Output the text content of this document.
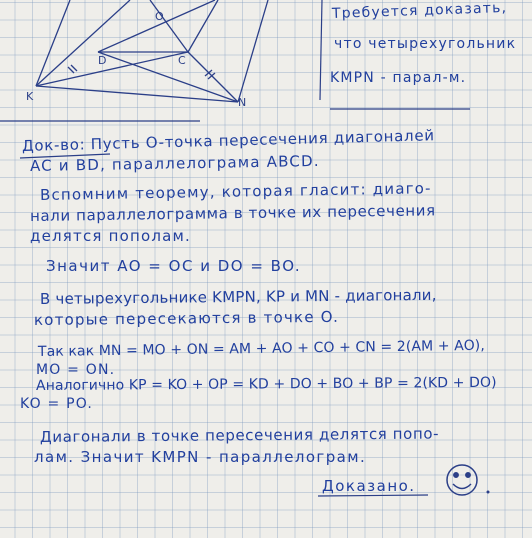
O
D	C
K	N
Требуется доказать,
что четырехугольник
KMPN - парал-м.
Док-во: Пусть O-точка пересечения диагоналей
AC и BD, параллелограма ABCD.
Вспомним теорему, которая гласит: диаго-
нали параллелограмма в точке их пересечения
делятся пополам.
Значит AO = OC и DO = BO.
В четырехугольнике KMPN, KP и MN - диагонали,
которые пересекаются в точке O.
Так как MN = MO + ON = AM + AO + CO + CN = 2(AM + AO),
MO = ON.
Аналогично KP = KO + OP = KD + DO + BO + BP = 2(KD + DO)
KO = PO.
Диагонали в точке пересечения делятся попо-
лам. Значит KMPN - параллелограм.
Доказано.
